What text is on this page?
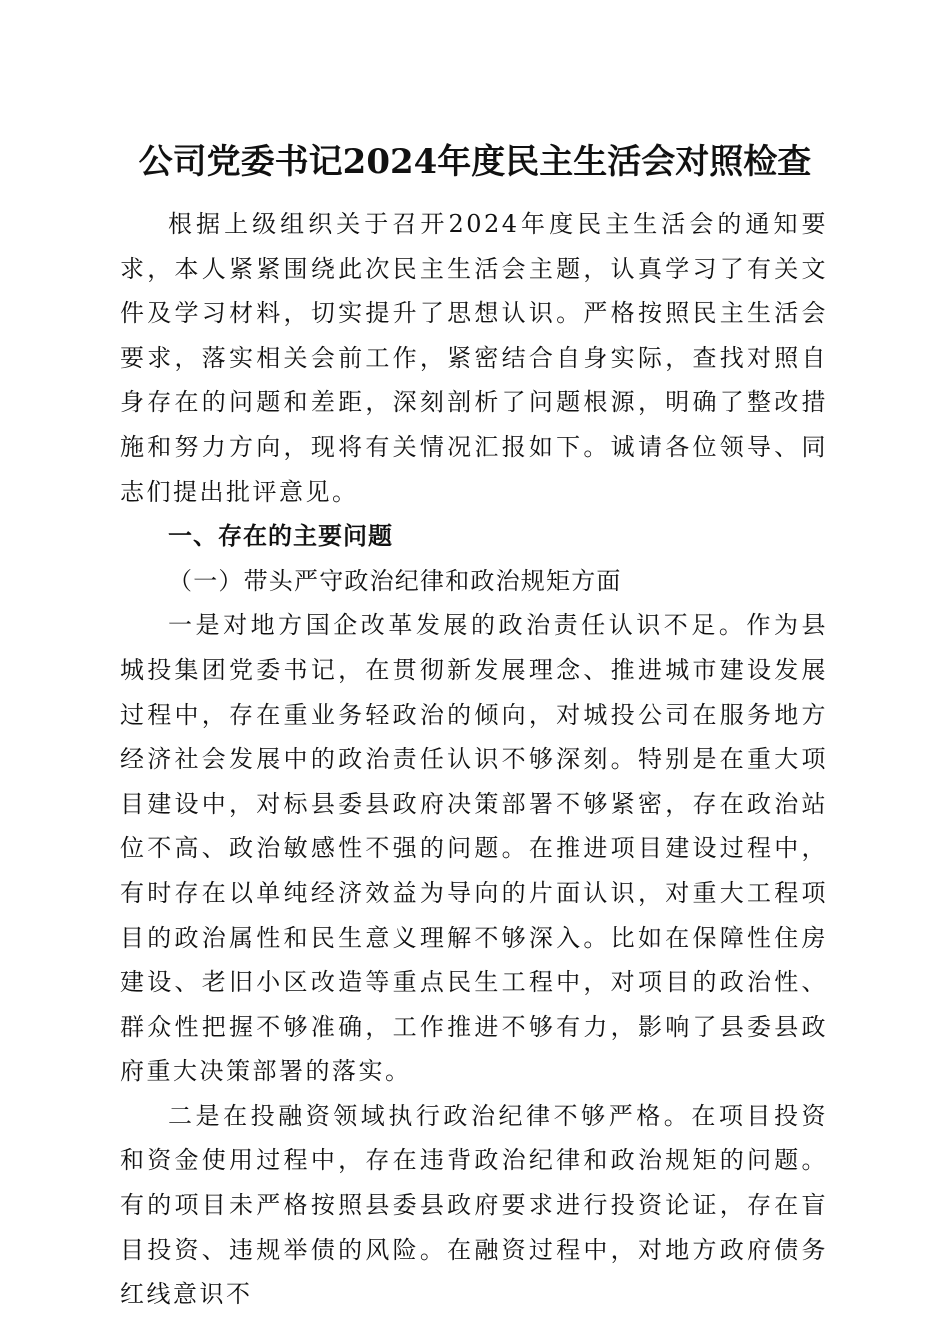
公司党委书记2024年度民主生活会对照检查

根据上级组织关于召开2024年度民主生活会的通知要求，本人紧紧围绕此次民主生活会主题，认真学习了有关文件及学习材料，切实提升了思想认识。严格按照民主生活会要求，落实相关会前工作，紧密结合自身实际，查找对照自身存在的问题和差距，深刻剖析了问题根源，明确了整改措施和努力方向，现将有关情况汇报如下。诚请各位领导、同志们提出批评意见。

一、存在的主要问题

（一）带头严守政治纪律和政治规矩方面

一是对地方国企改革发展的政治责任认识不足。作为县城投集团党委书记，在贯彻新发展理念、推进城市建设发展过程中，存在重业务轻政治的倾向，对城投公司在服务地方经济社会发展中的政治责任认识不够深刻。特别是在重大项目建设中，对标县委县政府决策部署不够紧密，存在政治站位不高、政治敏感性不强的问题。在推进项目建设过程中，有时存在以单纯经济效益为导向的片面认识，对重大工程项目的政治属性和民生意义理解不够深入。比如在保障性住房建设、老旧小区改造等重点民生工程中，对项目的政治性、群众性把握不够准确，工作推进不够有力，影响了县委县政府重大决策部署的落实。

二是在投融资领域执行政治纪律不够严格。在项目投资和资金使用过程中，存在违背政治纪律和政治规矩的问题。有的项目未严格按照县委县政府要求进行投资论证，存在盲目投资、违规举债的风险。在融资过程中，对地方政府债务红线意识不
